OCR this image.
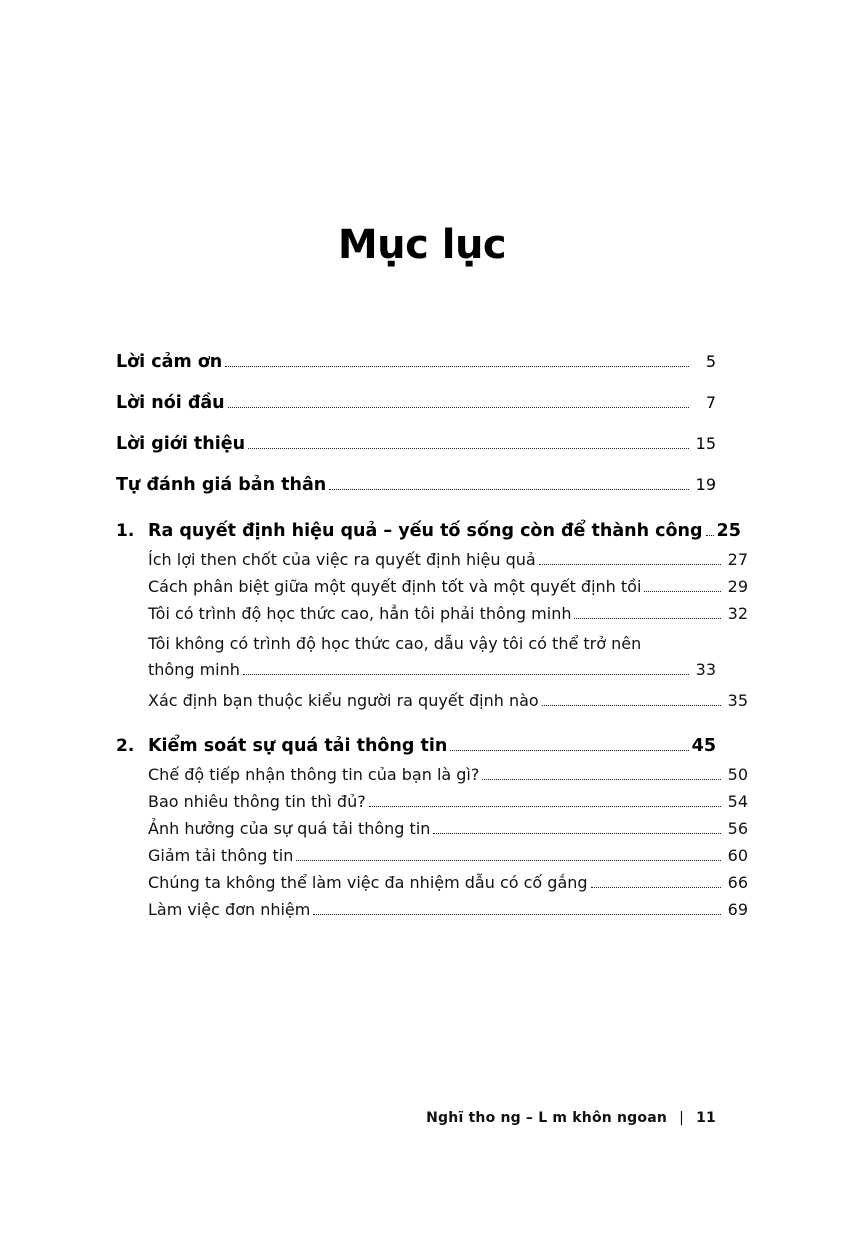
Mục lục
Lời cảm ơn	5
Lời nói đầu	7
Lời giới thiệu	15
Tự đánh giá bản thân	19
1. Ra quyết định hiệu quả – yếu tố sống còn để thành công 25
Ích lợi then chốt của việc ra quyết định hiệu quả	27
Cách phân biệt giữa một quyết định tốt và một quyết định tồi	29
Tôi có trình độ học thức cao, hẳn tôi phải thông minh	32
Tôi không có trình độ học thức cao, dẫu vậy tôi có thể trở nên
thông minh	33
Xác định bạn thuộc kiểu người ra quyết định nào	35
2. Kiểm soát sự quá tải thông tin	45
Chế độ tiếp nhận thông tin của bạn là gì?	50
Bao nhiêu thông tin thì đủ?	54
Ảnh hưởng của sự quá tải thông tin	56
Giảm tải thông tin	60
Chúng ta không thể làm việc đa nhiệm dẫu có cố gắng	66
Làm việc đơn nhiệm	69
Nghĩ tho ng – L m khôn ngoan | 11
